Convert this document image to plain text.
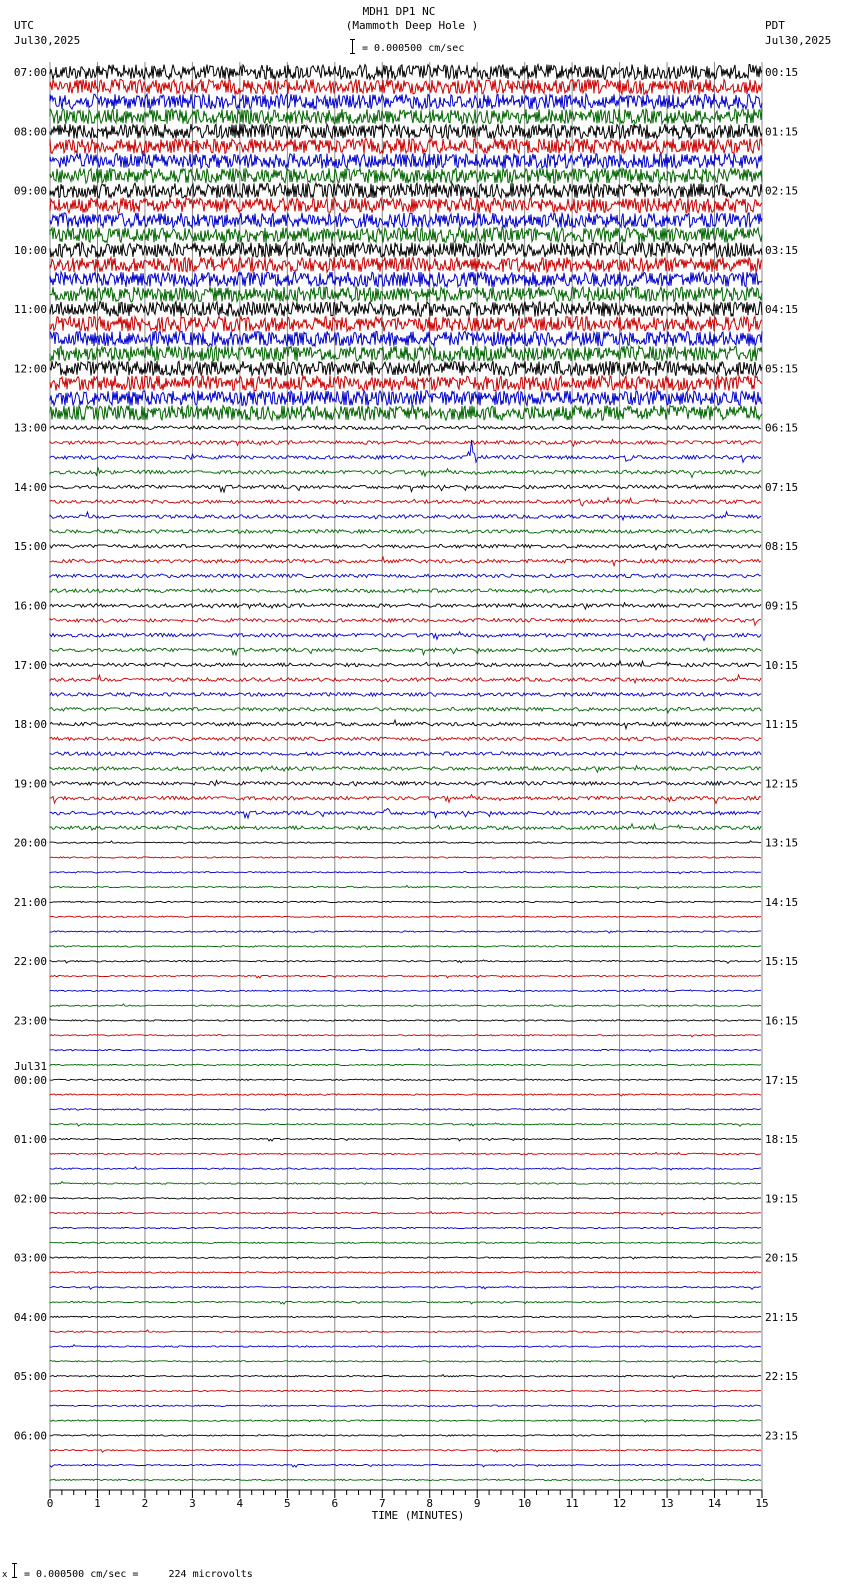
MDH1 DP1 NC
(Mammoth Deep Hole )
UTC
Jul30,2025
PDT
Jul30,2025
= 0.000500 cm/sec
0	1	2	3	4	5	6	7	8	9	10	11	12	13	14	15
07:00
08:00
09:00
10:00
11:00
12:00
13:00
14:00
15:00
16:00
17:00
18:00
19:00
20:00
21:00
22:00
23:00
00:00
01:00
02:00
03:00
04:00
05:00
06:00
00:15
01:15
02:15
03:15
04:15
05:15
06:15
07:15
08:15
09:15
10:15
11:15
12:15
13:15
14:15
15:15
16:15
17:15
18:15
19:15
20:15
21:15
22:15
23:15
Jul31
TIME (MINUTES)
x = 0.000500 cm/sec =     224 microvolts
